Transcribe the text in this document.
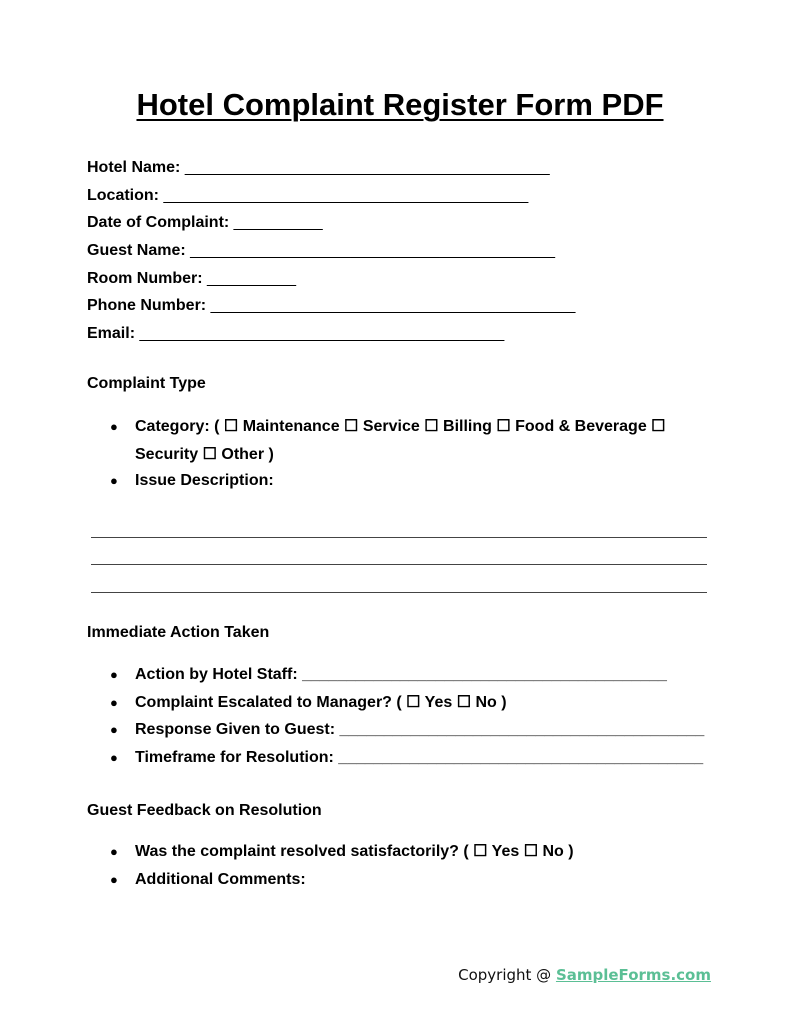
Hotel Complaint Register Form PDF
Hotel Name: _________________________________________
Location: _________________________________________
Date of Complaint: __________
Guest Name: _________________________________________
Room Number: __________
Phone Number: _________________________________________
Email: _________________________________________
Complaint Type
● Category: ( ☐ Maintenance ☐ Service ☐ Billing ☐ Food & Beverage ☐ Security ☐ Other )
● Issue Description:
Immediate Action Taken
● Action by Hotel Staff: _________________________________________
● Complaint Escalated to Manager? ( ☐ Yes ☐ No )
● Response Given to Guest: _________________________________________
● Timeframe for Resolution: _________________________________________
Guest Feedback on Resolution
● Was the complaint resolved satisfactorily? ( ☐ Yes ☐ No )
● Additional Comments:
Copyright @ SampleForms.com
